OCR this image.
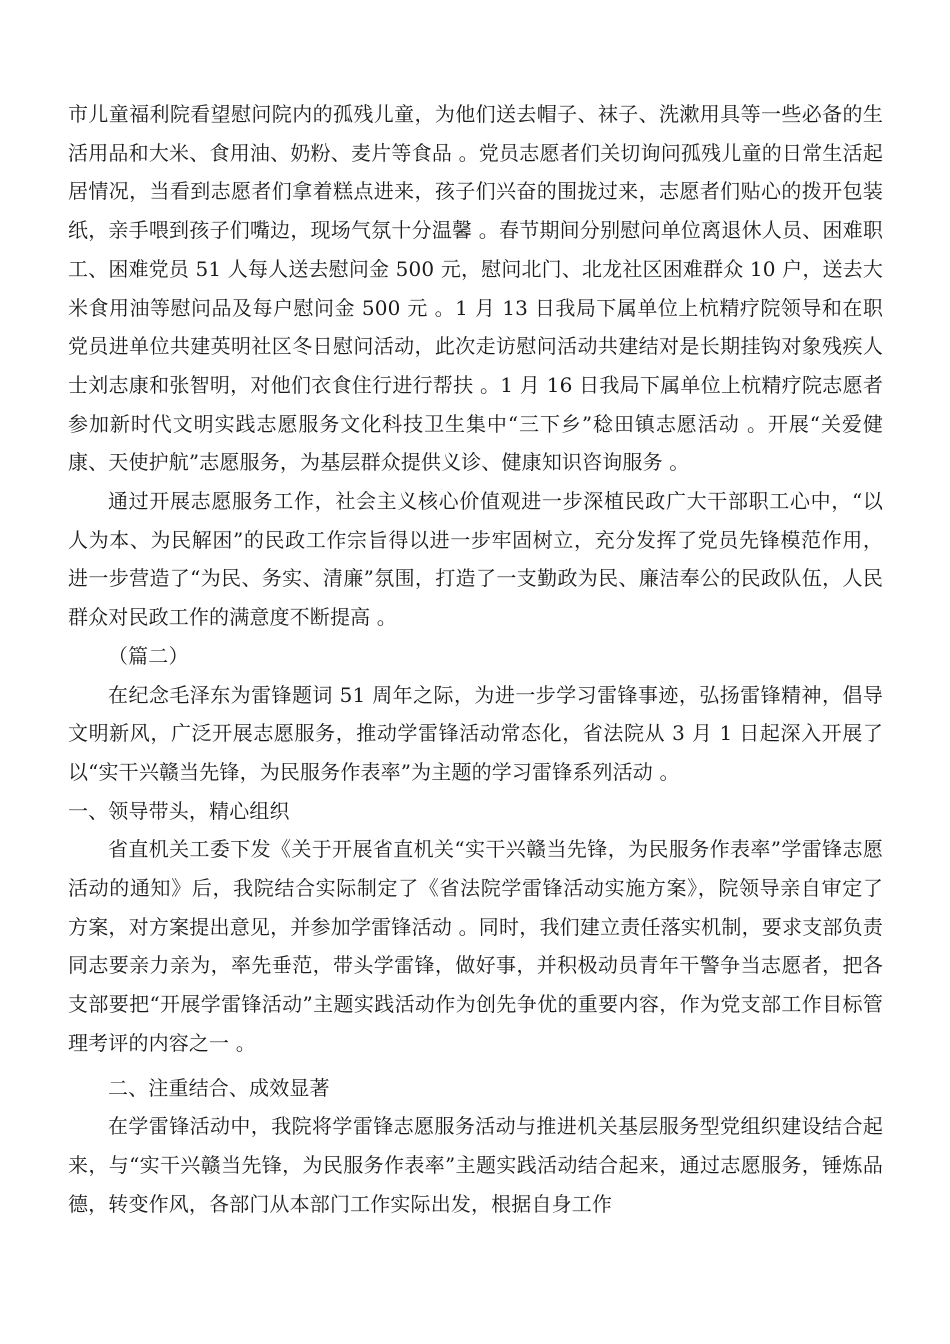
市儿童福利院看望慰问院内的孤残儿童，为他们送去帽子、袜子、洗漱用具等一些必备的生活用品和大米、食用油、奶粉、麦片等食品 。党员志愿者们关切询问孤残儿童的日常生活起居情况，当看到志愿者们拿着糕点进来，孩子们兴奋的围拢过来，志愿者们贴心的拨开包装纸，亲手喂到孩子们嘴边，现场气氛十分温馨 。春节期间分别慰问单位离退休人员、困难职工、困难党员 51 人每人送去慰问金 500 元，慰问北门、北龙社区困难群众 10 户，送去大米食用油等慰问品及每户慰问金 500 元 。1 月 13 日我局下属单位上杭精疗院领导和在职党员进单位共建英明社区冬日慰问活动，此次走访慰问活动共建结对是长期挂钩对象残疾人士刘志康和张智明，对他们衣食住行进行帮扶 。1 月 16 日我局下属单位上杭精疗院志愿者参加新时代文明实践志愿服务文化科技卫生集中“三下乡”稔田镇志愿活动 。开展“关爱健康、天使护航”志愿服务，为基层群众提供义诊、健康知识咨询服务 。

通过开展志愿服务工作，社会主义核心价值观进一步深植民政广大干部职工心中，“以人为本、为民解困”的民政工作宗旨得以进一步牢固树立，充分发挥了党员先锋模范作用，进一步营造了“为民、务实、清廉”氛围，打造了一支勤政为民、廉洁奉公的民政队伍，人民群众对民政工作的满意度不断提高 。

（篇二）

在纪念毛泽东为雷锋题词 51 周年之际，为进一步学习雷锋事迹，弘扬雷锋精神，倡导文明新风，广泛开展志愿服务，推动学雷锋活动常态化，省法院从 3 月 1 日起深入开展了以“实干兴赣当先锋，为民服务作表率”为主题的学习雷锋系列活动 。

一、领导带头，精心组织

省直机关工委下发《关于开展省直机关“实干兴赣当先锋，为民服务作表率”学雷锋志愿活动的通知》后，我院结合实际制定了《省法院学雷锋活动实施方案》，院领导亲自审定了方案，对方案提出意见，并参加学雷锋活动 。同时，我们建立责任落实机制，要求支部负责同志要亲力亲为，率先垂范，带头学雷锋，做好事，并积极动员青年干警争当志愿者，把各支部要把“开展学雷锋活动”主题实践活动作为创先争优的重要内容，作为党支部工作目标管理考评的内容之一 。

二、注重结合、成效显著

在学雷锋活动中，我院将学雷锋志愿服务活动与推进机关基层服务型党组织建设结合起来，与“实干兴赣当先锋，为民服务作表率”主题实践活动结合起来，通过志愿服务，锤炼品德，转变作风，各部门从本部门工作实际出发，根据自身工作
